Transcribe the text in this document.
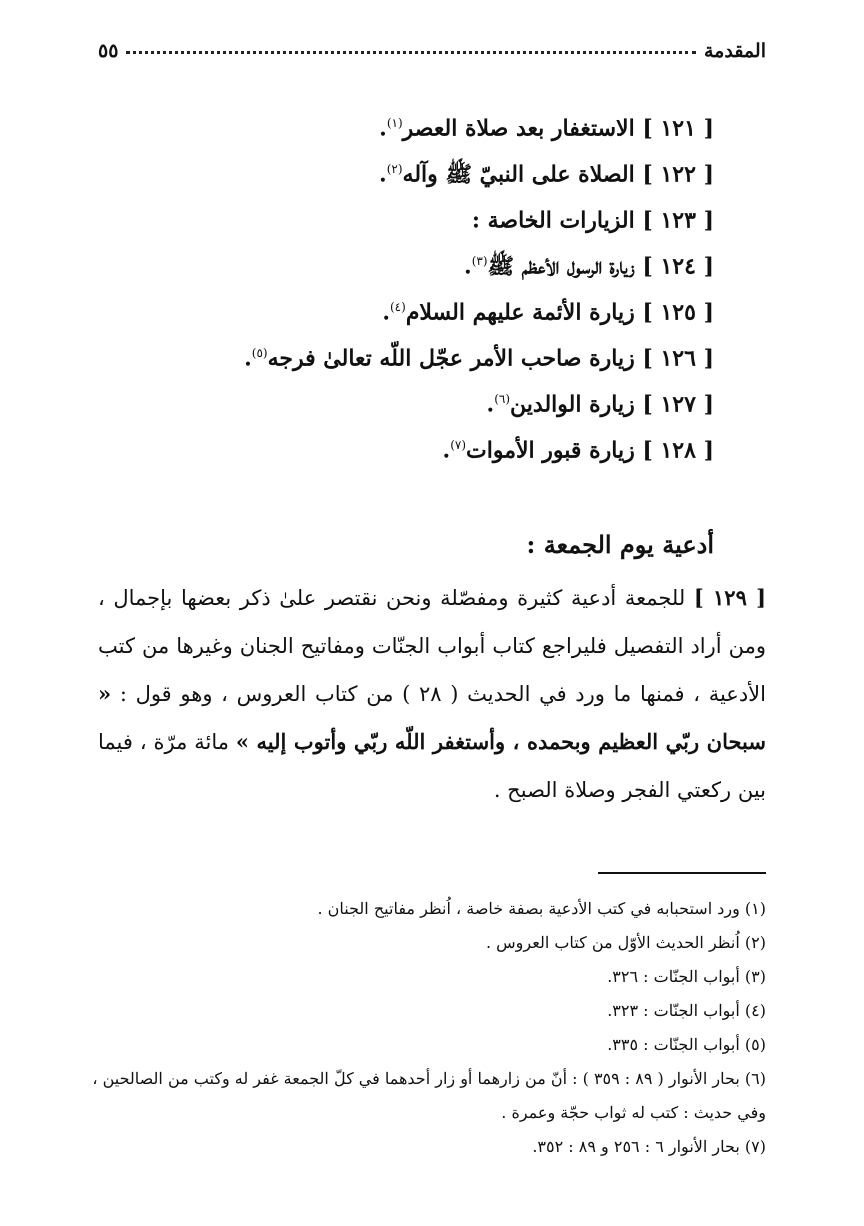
المقدمة
٥٥
[ ١٢١ ] الاستغفار بعد صلاة العصر$^{(١)}$.
[ ١٢٢ ] الصلاة على النبيّ ﷺ وآله$^{(٢)}$.
[ ١٢٣ ] الزيارات الخاصة :
[ ١٢٤ ] زيارة الرسول الأعظم ﷺ$^{(٣)}$.
[ ١٢٥ ] زيارة الأئمة عليهم السلام$^{(٤)}$.
[ ١٢٦ ] زيارة صاحب الأمر عجّل اللّه تعالىٰ فرجه$^{(٥)}$.
[ ١٢٧ ] زيارة الوالدين$^{(٦)}$.
[ ١٢٨ ] زيارة قبور الأموات$^{(٧)}$.
أدعية يوم الجمعة :
[ ١٢٩ ] للجمعة أدعية كثيرة ومفصّلة ونحن نقتصر علىٰ ذكر بعضها بإجمال ، ومن أراد التفصيل فليراجع كتاب أبواب الجنّات ومفاتيح الجنان وغيرها من كتب الأدعية ، فمنها ما ورد في الحديث ( ٢٨ ) من كتاب العروس ، وهو قول : « سبحان ربّي العظيم وبحمده ، وأستغفر اللّه ربّي وأتوب إليه » مائة مرّة ، فيما بين ركعتي الفجر وصلاة الصبح .
(١) ورد استحبابه في كتب الأدعية بصفة خاصة ، اُنظر مفاتيح الجنان .
(٢) اُنظر الحديث الأوّل من كتاب العروس .
(٣) أبواب الجنّات : ٣٢٦.
(٤) أبواب الجنّات : ٣٢٣.
(٥) أبواب الجنّات : ٣٣٥.
(٦) بحار الأنوار ( ٨٩ : ٣٥٩ ) : أنّ من زارهما أو زار أحدهما في كلّ الجمعة غفر له وكتب من الصالحين ، وفي حديث : كتب له ثواب حجّة وعمرة .
(٧) بحار الأنوار ٦ : ٢٥٦ و ٨٩ : ٣٥٢.
